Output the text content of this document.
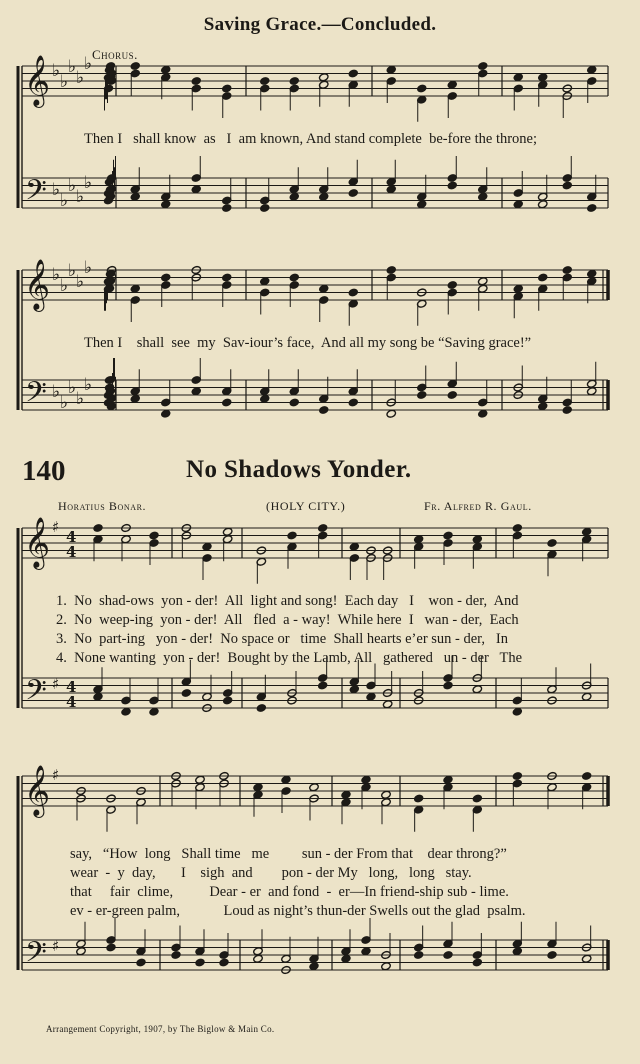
Saving Grace.—Concluded.
Chorus.
𝄞
𝄢
♭
♭
♭
♭
♭
♭
♭
♭
♭
♭
𝄞
𝄢
♭
♭
♭
♭
♭
♭
♭
♭
♭
♭
𝄞
𝄢
♯
♯
4
4
4
4
𝄞
𝄢
♯
♯
Then I   shall know  as   I  am known, And stand complete  be-fore the throne;
Then I    shall  see  my  Sav-iour’s face,  And all my song be “Saving grace!”
140	No Shadows Yonder.
Horatius Bonar.	(HOLY CITY.)	Fr. Alfred R. Gaul.
1.  No  shad-ows  yon - der!  All  light and song!  Each day   I    won - der,  And
2.  No  weep-ing  yon - der!  All   fled  a - way!  While here  I   wan - der,  Each
3.  No  part-ing   yon - der!  No space or   time  Shall hearts e’er sun - der,   In
4.  None wanting  yon - der!  Bought by the Lamb, All   gathered   un - der   The
say,   “How  long   Shall time   me         sun - der From that    dear throng?”
wear  -  y  day,       I    sigh  and        pon - der My   long,   long   stay.
that     fair  clime,          Dear - er  and fond  -  er—In friend-ship sub - lime.
ev - er-green palm,            Loud as night’s thun-der Swells out the glad  psalm.
Arrangement Copyright, 1907, by The Biglow & Main Co.
